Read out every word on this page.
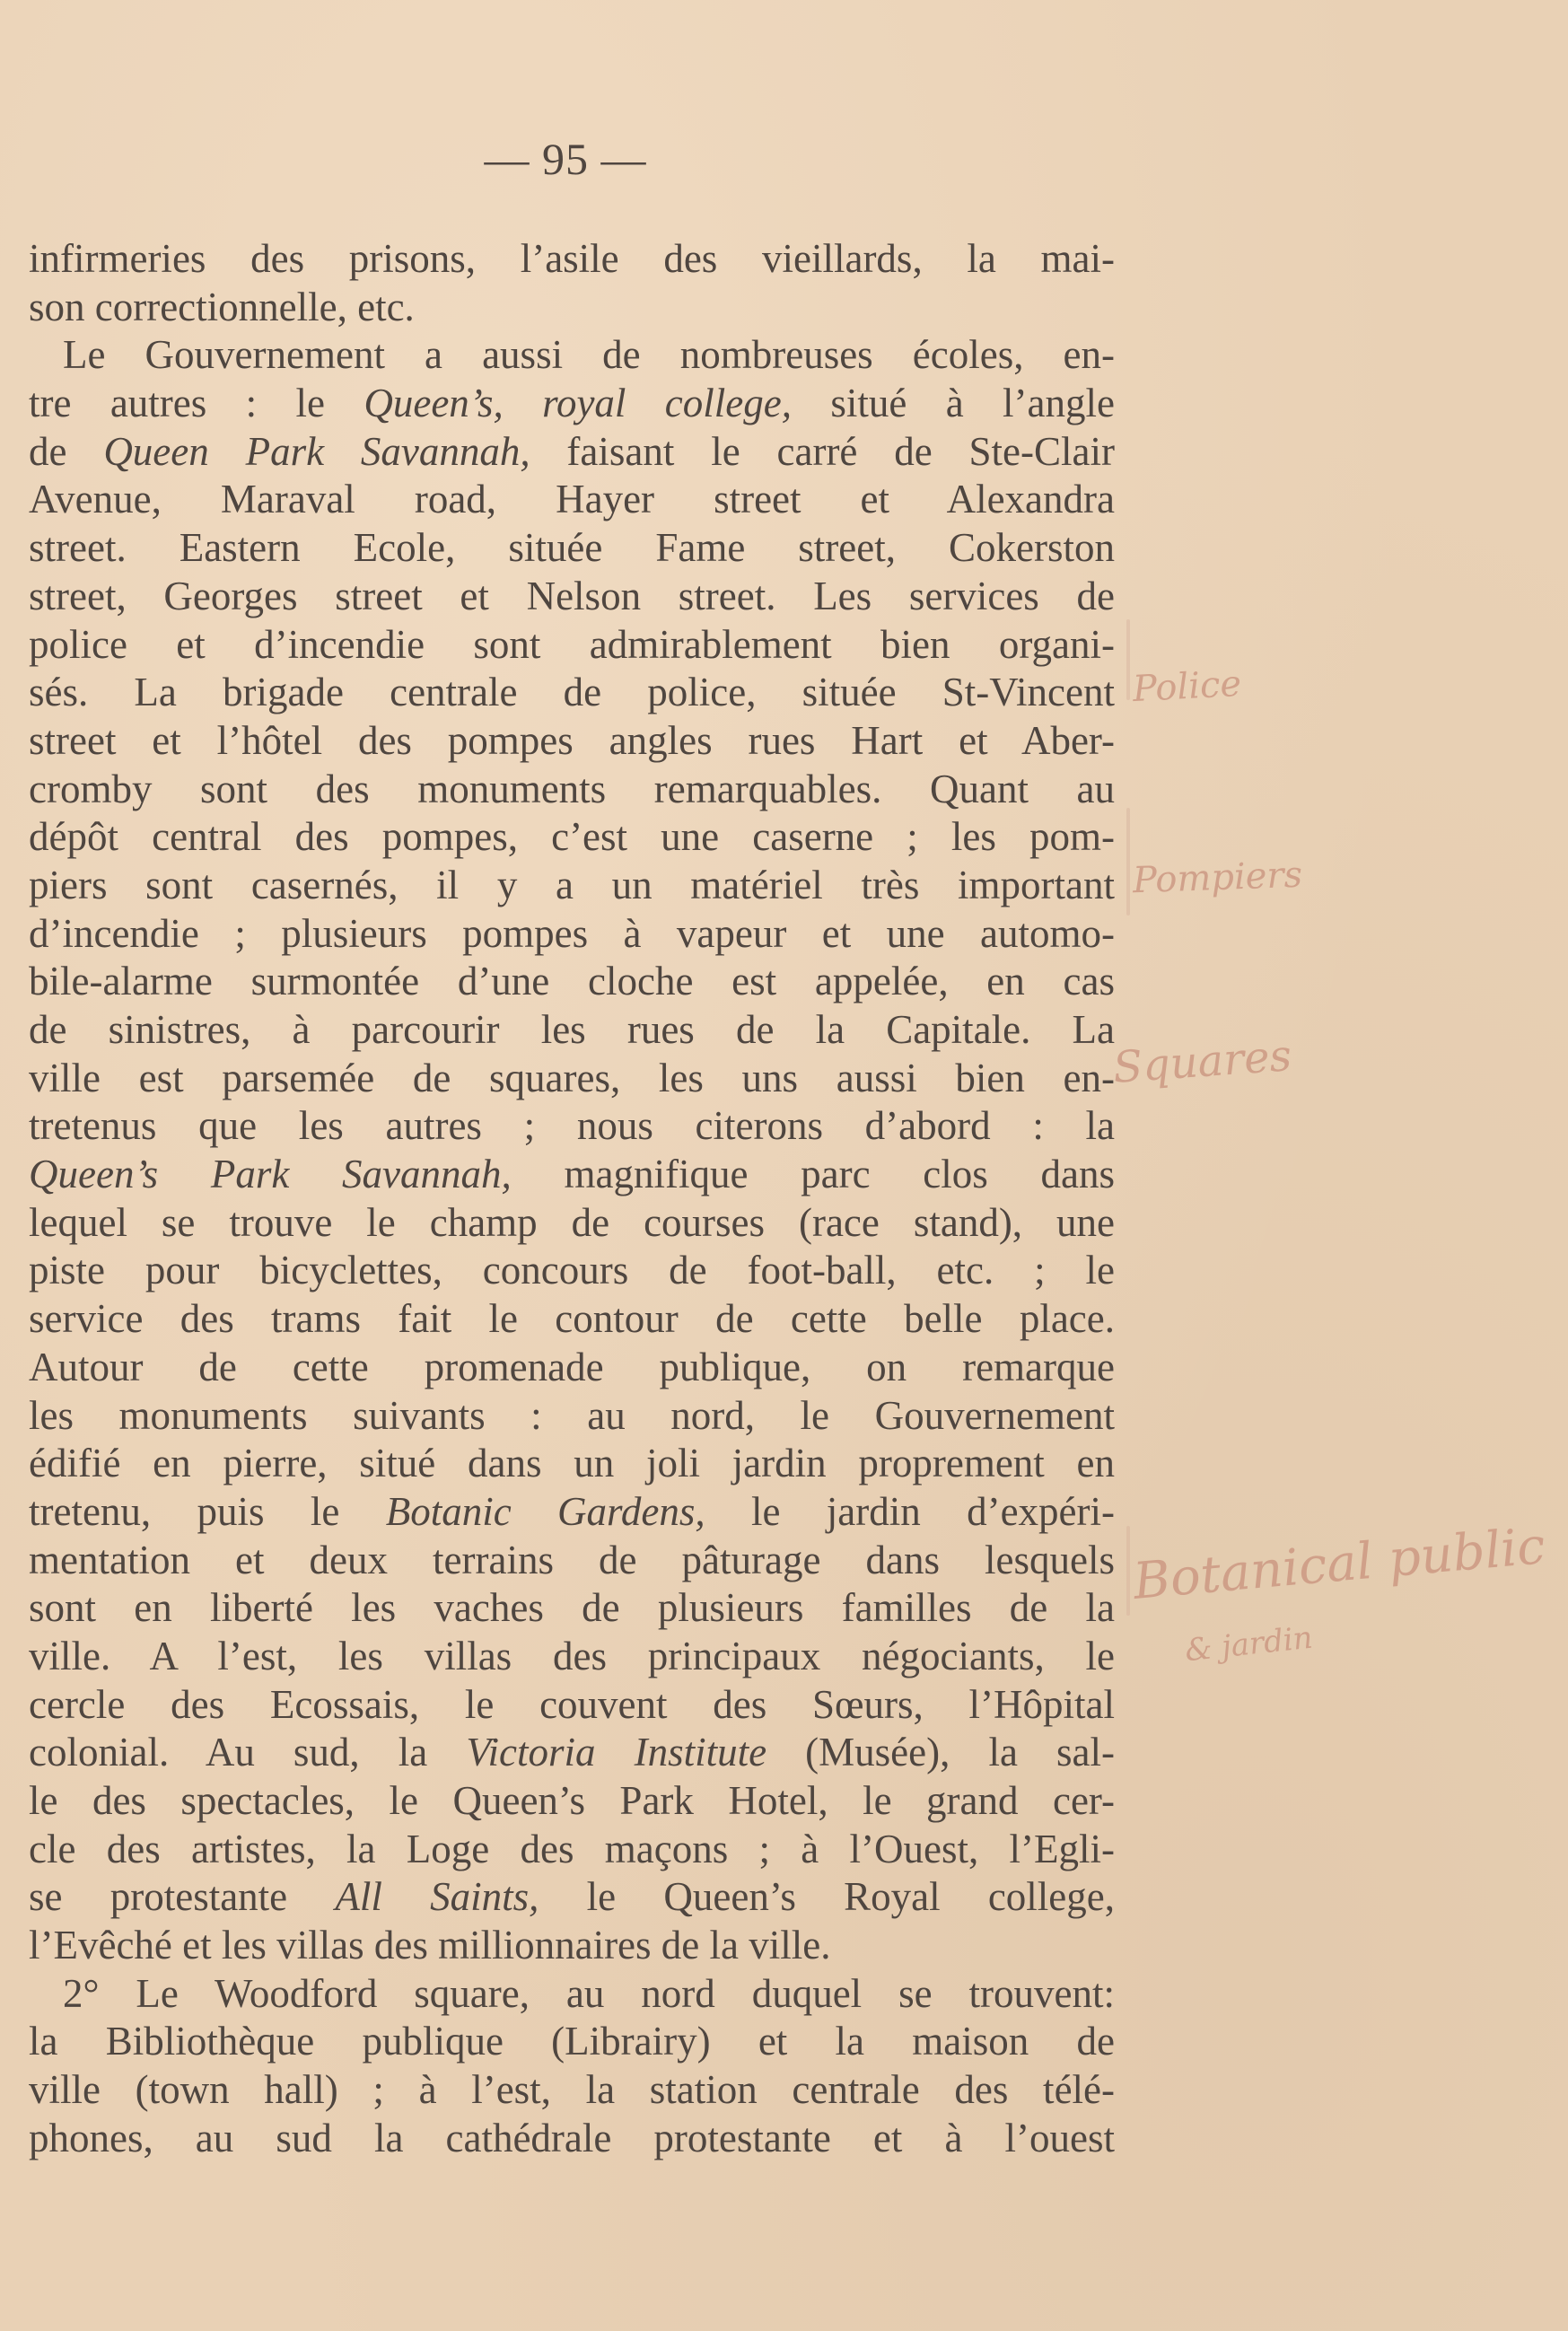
— 95 —
infirmeries des prisons, l’asile des vieillards, la mai-
son correctionnelle, etc.
Le Gouvernement a aussi de nombreuses écoles, en-
tre autres : le Queen’s, royal college, situé à l’angle
de Queen Park Savannah, faisant le carré de Ste-Clair
Avenue, Maraval road, Hayer street et Alexandra
street. Eastern Ecole, située Fame street, Cokerston
street, Georges street et Nelson street. Les services de
police et d’incendie sont admirablement bien organi-
sés. La brigade centrale de police, située St-Vincent
street et l’hôtel des pompes angles rues Hart et Aber-
cromby sont des monuments remarquables. Quant au
dépôt central des pompes, c’est une caserne ; les pom-
piers sont casernés, il y a un matériel très important
d’incendie ; plusieurs pompes à vapeur et une automo-
bile-alarme surmontée d’une cloche est appelée, en cas
de sinistres, à parcourir les rues de la Capitale. La
ville est parsemée de squares, les uns aussi bien en-
tretenus que les autres ; nous citerons d’abord : la
Queen’s Park Savannah, magnifique parc clos dans
lequel se trouve le champ de courses (race stand), une
piste pour bicyclettes, concours de foot-ball, etc. ; le
service des trams fait le contour de cette belle place.
Autour de cette promenade publique, on remarque
les monuments suivants : au nord, le Gouvernement
édifié en pierre, situé dans un joli jardin proprement en
tretenu, puis le Botanic Gardens, le jardin d’expéri-
mentation et deux terrains de pâturage dans lesquels
sont en liberté les vaches de plusieurs familles de la
ville. A l’est, les villas des principaux négociants, le
cercle des Ecossais, le couvent des Sœurs, l’Hôpital
colonial. Au sud, la Victoria Institute (Musée), la sal-
le des spectacles, le Queen’s Park Hotel, le grand cer-
cle des artistes, la Loge des maçons ; à l’Ouest, l’Egli-
se protestante All Saints, le Queen’s Royal college,
l’Evêché et les villas des millionnaires de la ville.
2° Le Woodford square, au nord duquel se trouvent:
la Bibliothèque publique (Librairy) et la maison de
ville (town hall) ; à l’est, la station centrale des télé-
phones, au sud la cathédrale protestante et à l’ouest
Police
Pompiers
Squares
Botanical public
& jardin
